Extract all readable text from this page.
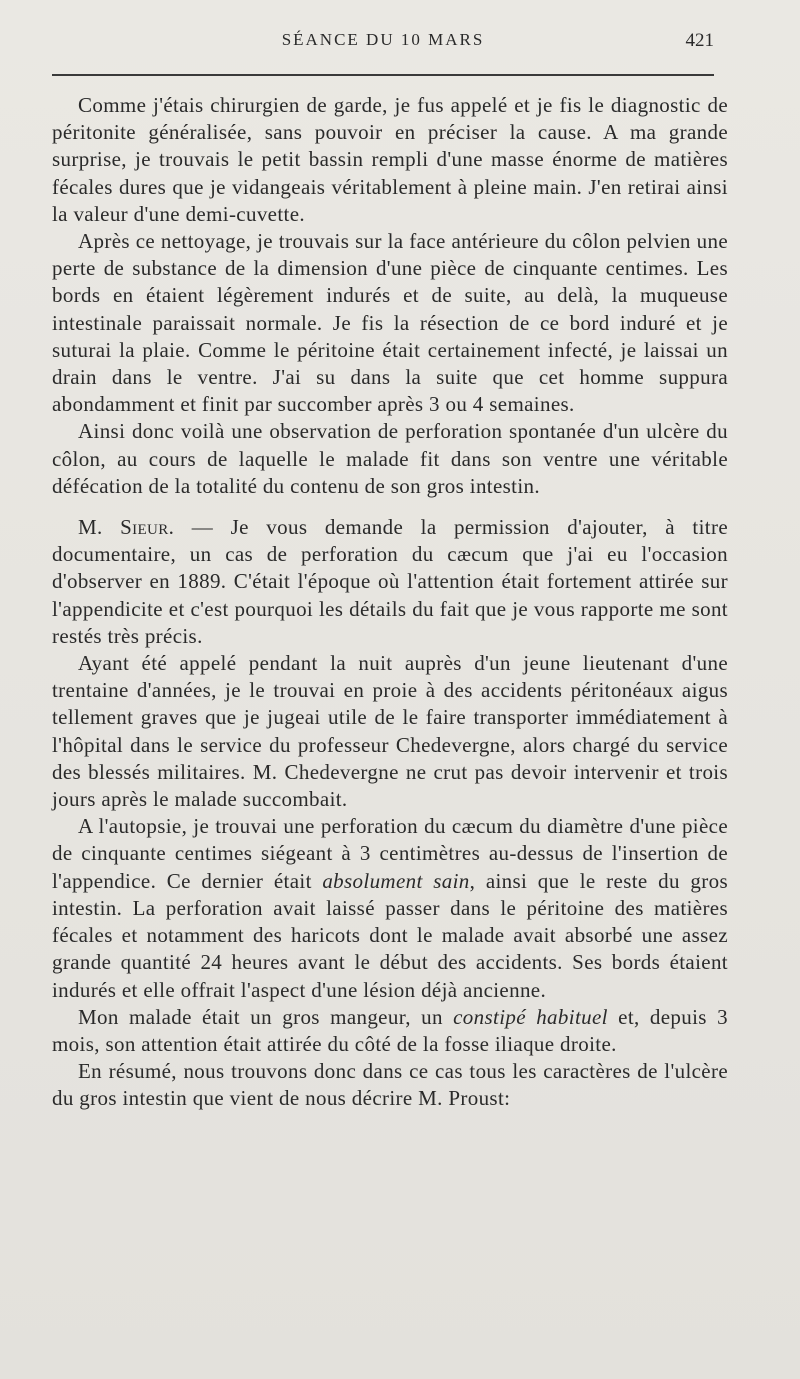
SÉANCE DU 10 MARS	421

Comme j'étais chirurgien de garde, je fus appelé et je fis le diagnostic de péritonite généralisée, sans pouvoir en préciser la cause. A ma grande surprise, je trouvais le petit bassin rempli d'une masse énorme de matières fécales dures que je vidangeais véritablement à pleine main. J'en retirai ainsi la valeur d'une demi-cuvette.

Après ce nettoyage, je trouvais sur la face antérieure du côlon pelvien une perte de substance de la dimension d'une pièce de cinquante centimes. Les bords en étaient légèrement indurés et de suite, au delà, la muqueuse intestinale paraissait normale. Je fis la résection de ce bord induré et je suturai la plaie. Comme le péritoine était certainement infecté, je laissai un drain dans le ventre. J'ai su dans la suite que cet homme suppura abondamment et finit par succomber après 3 ou 4 semaines.

Ainsi donc voilà une observation de perforation spontanée d'un ulcère du côlon, au cours de laquelle le malade fit dans son ventre une véritable défécation de la totalité du contenu de son gros intestin.

M. Sieur. — Je vous demande la permission d'ajouter, à titre documentaire, un cas de perforation du cæcum que j'ai eu l'occasion d'observer en 1889. C'était l'époque où l'attention était fortement attirée sur l'appendicite et c'est pourquoi les détails du fait que je vous rapporte me sont restés très précis.

Ayant été appelé pendant la nuit auprès d'un jeune lieutenant d'une trentaine d'années, je le trouvai en proie à des accidents péritonéaux aigus tellement graves que je jugeai utile de le faire transporter immédiatement à l'hôpital dans le service du professeur Chedevergne, alors chargé du service des blessés militaires. M. Chedevergne ne crut pas devoir intervenir et trois jours après le malade succombait.

A l'autopsie, je trouvai une perforation du cæcum du diamètre d'une pièce de cinquante centimes siégeant à 3 centimètres au-dessus de l'insertion de l'appendice. Ce dernier était absolument sain, ainsi que le reste du gros intestin. La perforation avait laissé passer dans le péritoine des matières fécales et notamment des haricots dont le malade avait absorbé une assez grande quantité 24 heures avant le début des accidents. Ses bords étaient indurés et elle offrait l'aspect d'une lésion déjà ancienne.

Mon malade était un gros mangeur, un constipé habituel et, depuis 3 mois, son attention était attirée du côté de la fosse iliaque droite.

En résumé, nous trouvons donc dans ce cas tous les caractères de l'ulcère du gros intestin que vient de nous décrire M. Proust:
